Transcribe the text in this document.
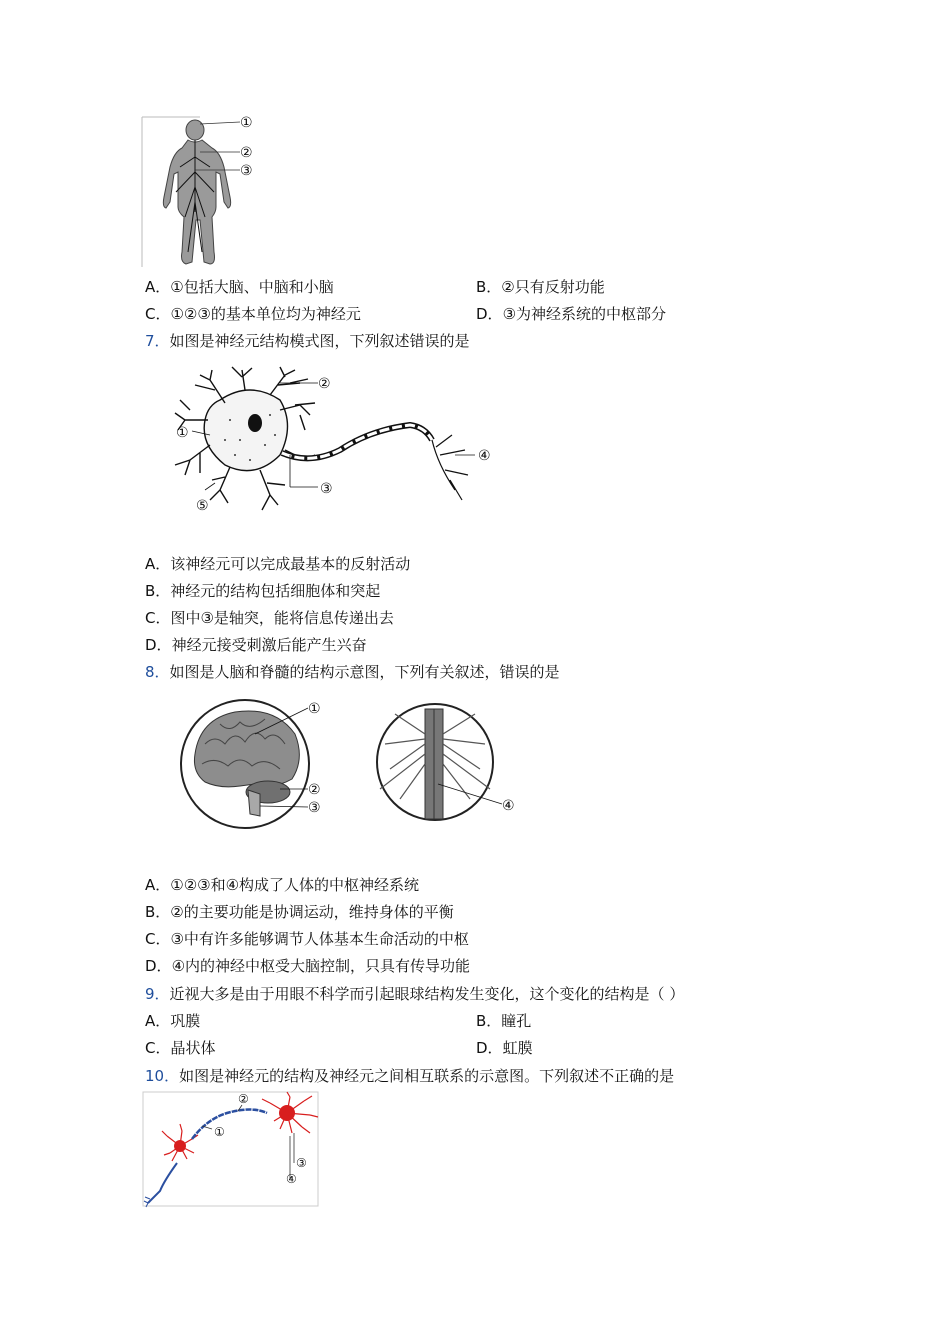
①
②
③
A．①包括大脑、中脑和小脑	B．②只有反射功能
C．①②③的基本单位均为神经元	D．③为神经系统的中枢部分
7．如图是神经元结构模式图，下列叙述错误的是
②
①
③
④
⑤
A．该神经元可以完成最基本的反射活动
B．神经元的结构包括细胞体和突起
C．图中③是轴突，能将信息传递出去
D．神经元接受刺激后能产生兴奋
8．如图是人脑和脊髓的结构示意图，下列有关叙述，错误的是
①
②
③	④
A．①②③和④构成了人体的中枢神经系统
B．②的主要功能是协调运动，维持身体的平衡
C．③中有许多能够调节人体基本生命活动的中枢
D．④内的神经中枢受大脑控制，只具有传导功能
9．近视大多是由于用眼不科学而引起眼球结构发生变化，这个变化的结构是（ ）
A．巩膜	B．瞳孔
C．晶状体	D．虹膜
10．如图是神经元的结构及神经元之间相互联系的示意图。下列叙述不正确的是
①
②
③
④
